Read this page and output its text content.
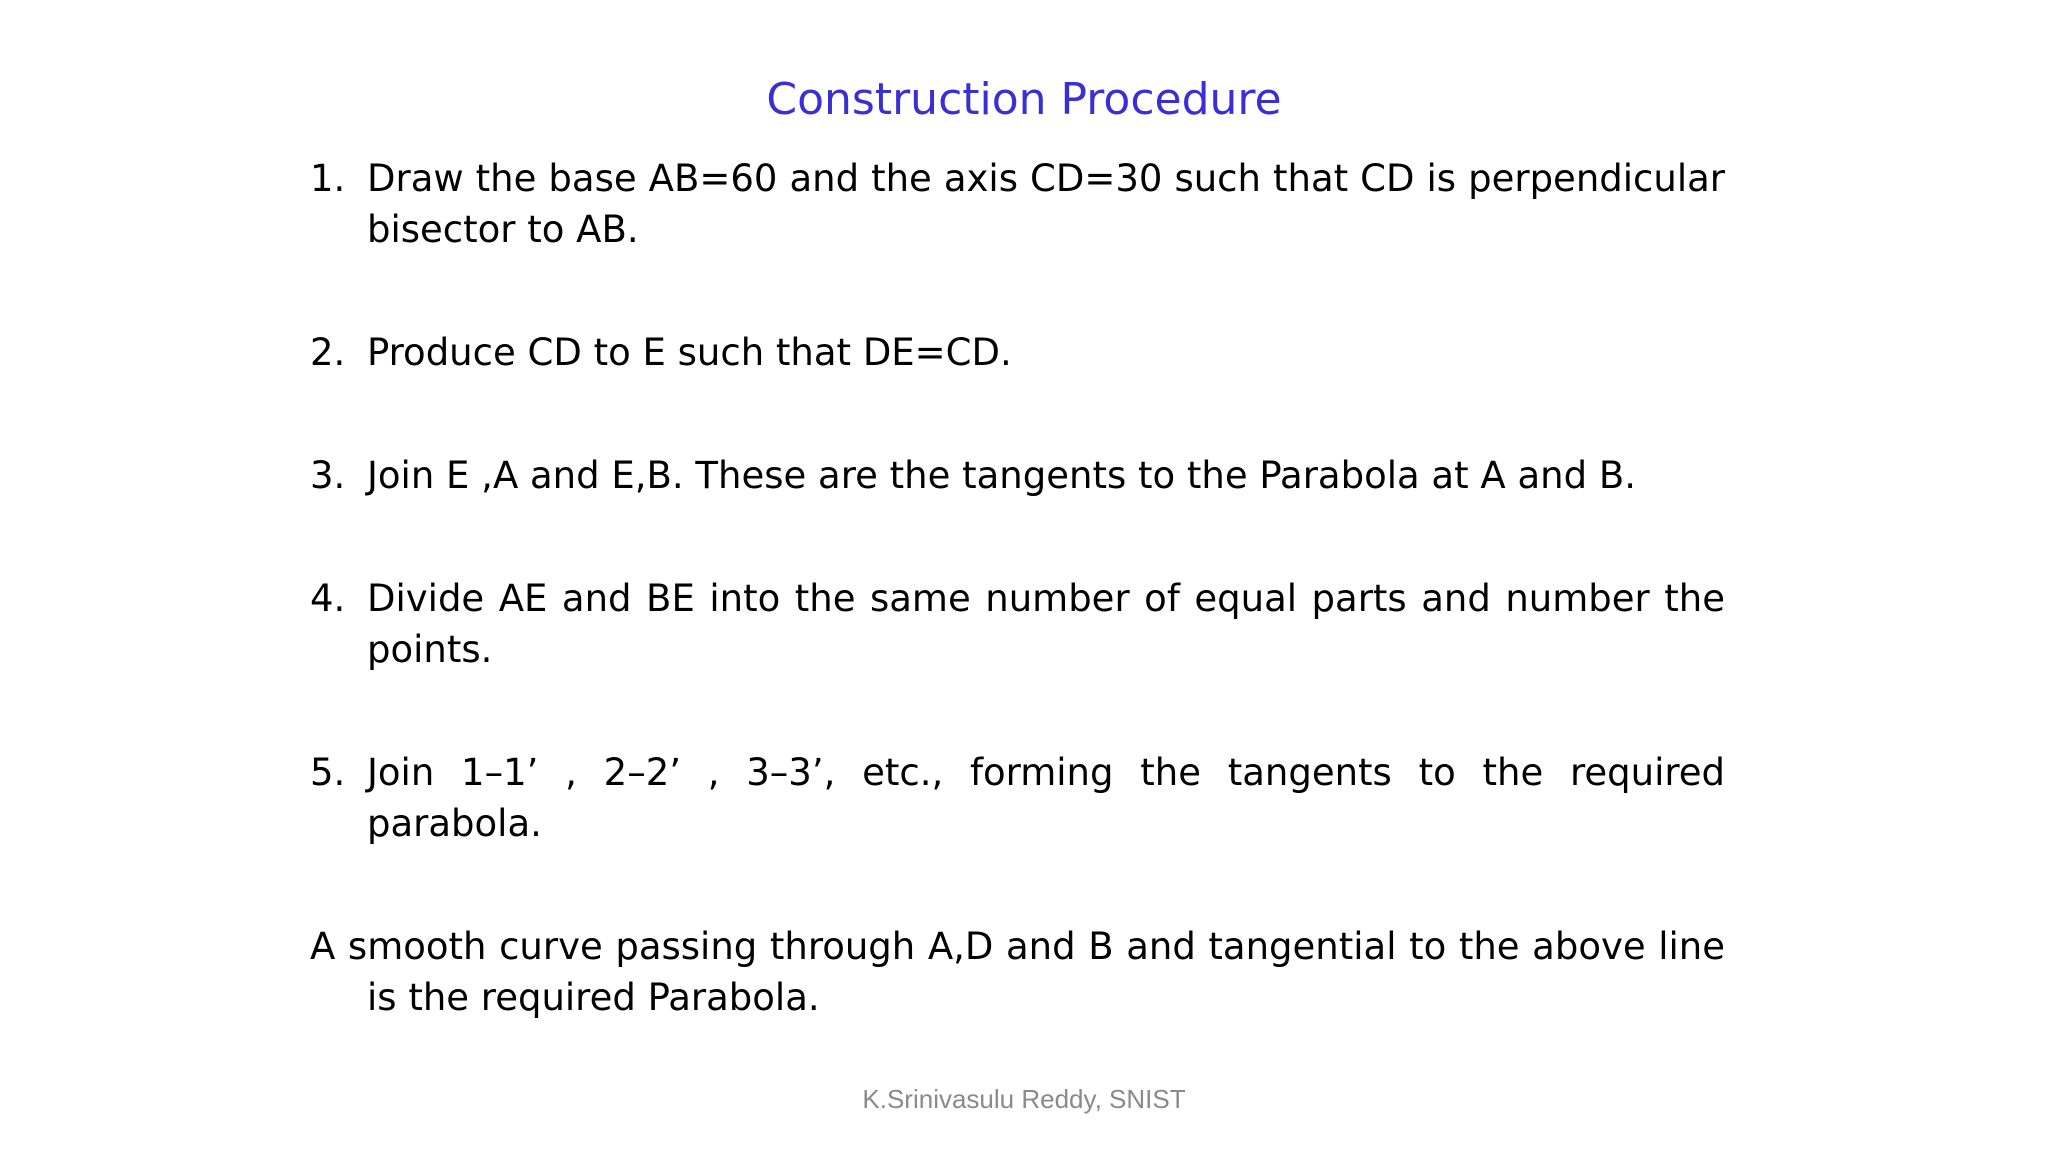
Construction Procedure
1. Draw the base AB=60 and the axis CD=30 such that CD is perpendicular bisector to AB.
2. Produce CD to E such that DE=CD.
3. Join E ,A and E,B. These are the tangents to the Parabola at A and B.
4. Divide AE and BE into the same number of equal parts and number the points.
5. Join 1–1’ , 2–2’ , 3–3’, etc., forming the tangents to the required parabola.
A smooth curve passing through A,D and B and tangential to the above line is the required Parabola.
K.Srinivasulu Reddy, SNIST
